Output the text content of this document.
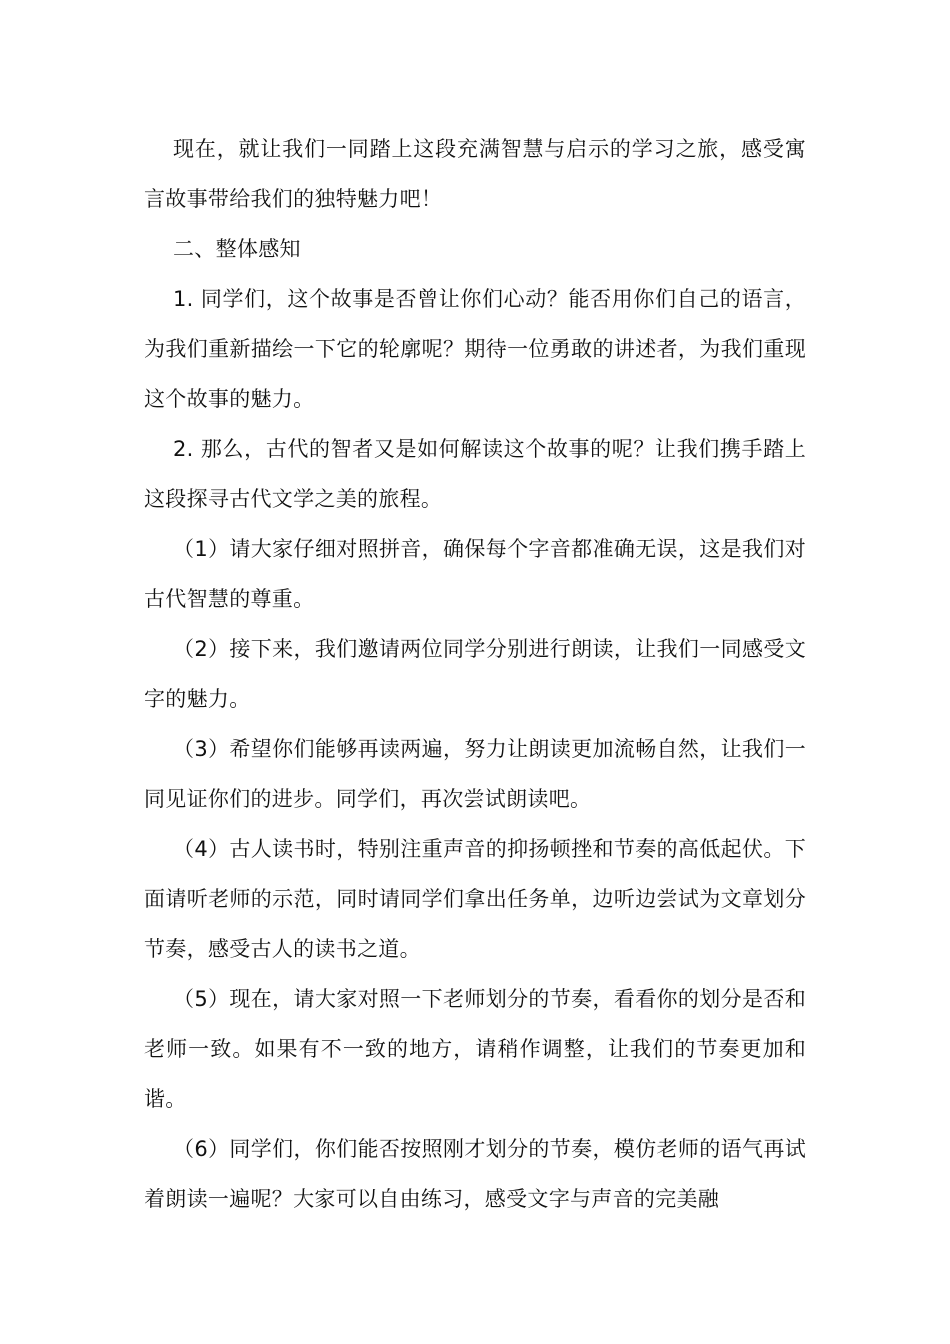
现在，就让我们一同踏上这段充满智慧与启示的学习之旅，感受寓言故事带给我们的独特魅力吧！

二、整体感知

1. 同学们，这个故事是否曾让你们心动？能否用你们自己的语言，为我们重新描绘一下它的轮廓呢？期待一位勇敢的讲述者，为我们重现这个故事的魅力。

2. 那么，古代的智者又是如何解读这个故事的呢？让我们携手踏上这段探寻古代文学之美的旅程。

（1）请大家仔细对照拼音，确保每个字音都准确无误，这是我们对古代智慧的尊重。

（2）接下来，我们邀请两位同学分别进行朗读，让我们一同感受文字的魅力。

（3）希望你们能够再读两遍，努力让朗读更加流畅自然，让我们一同见证你们的进步。同学们，再次尝试朗读吧。

（4）古人读书时，特别注重声音的抑扬顿挫和节奏的高低起伏。下面请听老师的示范，同时请同学们拿出任务单，边听边尝试为文章划分节奏，感受古人的读书之道。

（5）现在，请大家对照一下老师划分的节奏，看看你的划分是否和老师一致。如果有不一致的地方，请稍作调整，让我们的节奏更加和谐。

（6）同学们，你们能否按照刚才划分的节奏，模仿老师的语气再试着朗读一遍呢？大家可以自由练习，感受文字与声音的完美融
